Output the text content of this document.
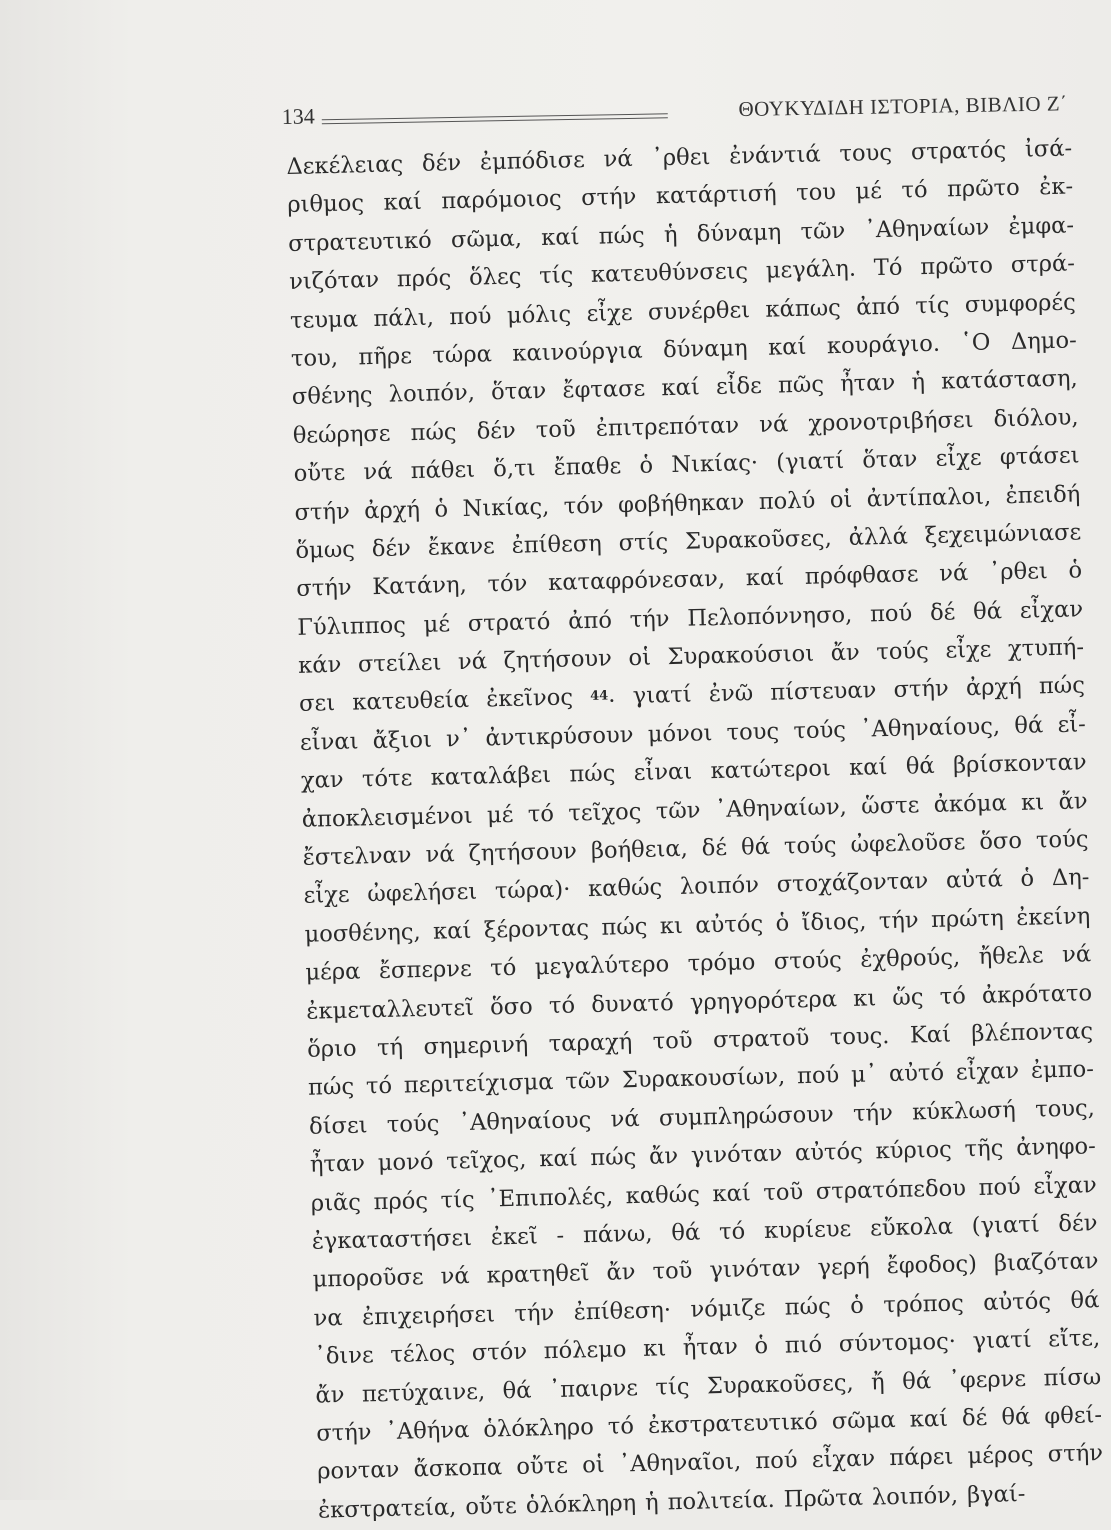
134	ΘΟΥΚΥΔΙΔΗ ΙΣΤΟΡΙΑ, ΒΙΒΛΙΟ Ζ΄
Δεκέλειας δέν ἐμπόδισε νά ᾽ρθει ἐνάντιά τους στρατός ἰσά-
ριθμος καί παρόμοιος στήν κατάρτισή του μέ τό πρῶτο ἐκ-
στρατευτικό σῶμα, καί πώς ἡ δύναμη τῶν ᾽Αθηναίων ἐμφα-
νιζόταν πρός ὅλες τίς κατευθύνσεις μεγάλη. Τό πρῶτο στρά-
τευμα πάλι, πού μόλις εἶχε συνέρθει κάπως ἀπό τίς συμφορές
του, πῆρε τώρα καινούργια δύναμη καί κουράγιο. ῾Ο Δημο-
σθένης λοιπόν, ὅταν ἔφτασε καί εἶδε πῶς ἦταν ἡ κατάσταση,
θεώρησε πώς δέν τοῦ ἐπιτρεπόταν νά χρονοτριβήσει διόλου,
οὔτε νά πάθει ὅ,τι ἔπαθε ὁ Νικίας· (γιατί ὅταν εἶχε φτάσει
στήν ἀρχή ὁ Νικίας, τόν φοβήθηκαν πολύ οἱ ἀντίπαλοι, ἐπειδή
ὅμως δέν ἔκανε ἐπίθεση στίς Συρακοῦσες, ἀλλά ξεχειμώνιασε
στήν Κατάνη, τόν καταφρόνεσαν, καί πρόφθασε νά ᾽ρθει ὁ
Γύλιππος μέ στρατό ἀπό τήν Πελοπόννησο, πού δέ θά εἶχαν
κάν στείλει νά ζητήσουν οἱ Συρακούσιοι ἄν τούς εἶχε χτυπή-
σει κατευθεία ἐκεῖνος $^{44}$· γιατί ἐνῶ πίστευαν στήν ἀρχή πώς
εἶναι ἄξιοι ν᾽ ἀντικρύσουν μόνοι τους τούς ᾽Αθηναίους, θά εἶ-
χαν τότε καταλάβει πώς εἶναι κατώτεροι καί θά βρίσκονταν
ἀποκλεισμένοι μέ τό τεῖχος τῶν ᾽Αθηναίων, ὥστε ἀκόμα κι ἄν
ἔστελναν νά ζητήσουν βοήθεια, δέ θά τούς ὠφελοῦσε ὅσο τούς
εἶχε ὠφελήσει τώρα)· καθώς λοιπόν στοχάζονταν αὐτά ὁ Δη-
μοσθένης, καί ξέροντας πώς κι αὐτός ὁ ἴδιος, τήν πρώτη ἐκείνη
μέρα ἔσπερνε τό μεγαλύτερο τρόμο στούς ἐχθρούς, ἤθελε νά
ἐκμεταλλευτεῖ ὅσο τό δυνατό γρηγορότερα κι ὥς τό ἀκρότατο
ὅριο τή σημερινή ταραχή τοῦ στρατοῦ τους. Καί βλέποντας
πώς τό περιτείχισμα τῶν Συρακουσίων, πού μ᾽ αὐτό εἶχαν ἐμπο-
δίσει τούς ᾽Αθηναίους νά συμπληρώσουν τήν κύκλωσή τους,
ἦταν μονό τεῖχος, καί πώς ἄν γινόταν αὐτός κύριος τῆς ἀνηφο-
ριᾶς πρός τίς ᾽Επιπολές, καθώς καί τοῦ στρατόπεδου πού εἶχαν
ἐγκαταστήσει ἐκεῖ - πάνω, θά τό κυρίευε εὔκολα (γιατί δέν
μποροῦσε νά κρατηθεῖ ἄν τοῦ γινόταν γερή ἔφοδος) βιαζόταν
να ἐπιχειρήσει τήν ἐπίθεση· νόμιζε πώς ὁ τρόπος αὐτός θά
᾽δινε τέλος στόν πόλεμο κι ἦταν ὁ πιό σύντομος· γιατί εἴτε,
ἄν πετύχαινε, θά ᾽παιρνε τίς Συρακοῦσες, ἤ θά ᾽φερνε πίσω
στήν ᾽Αθήνα ὁλόκληρο τό ἐκστρατευτικό σῶμα καί δέ θά φθεί-
ρονταν ἄσκοπα οὔτε οἱ ᾽Αθηναῖοι, πού εἶχαν πάρει μέρος στήν
ἐκστρατεία, οὔτε ὁλόκληρη ἡ πολιτεία. Πρῶτα λοιπόν, βγαί-
